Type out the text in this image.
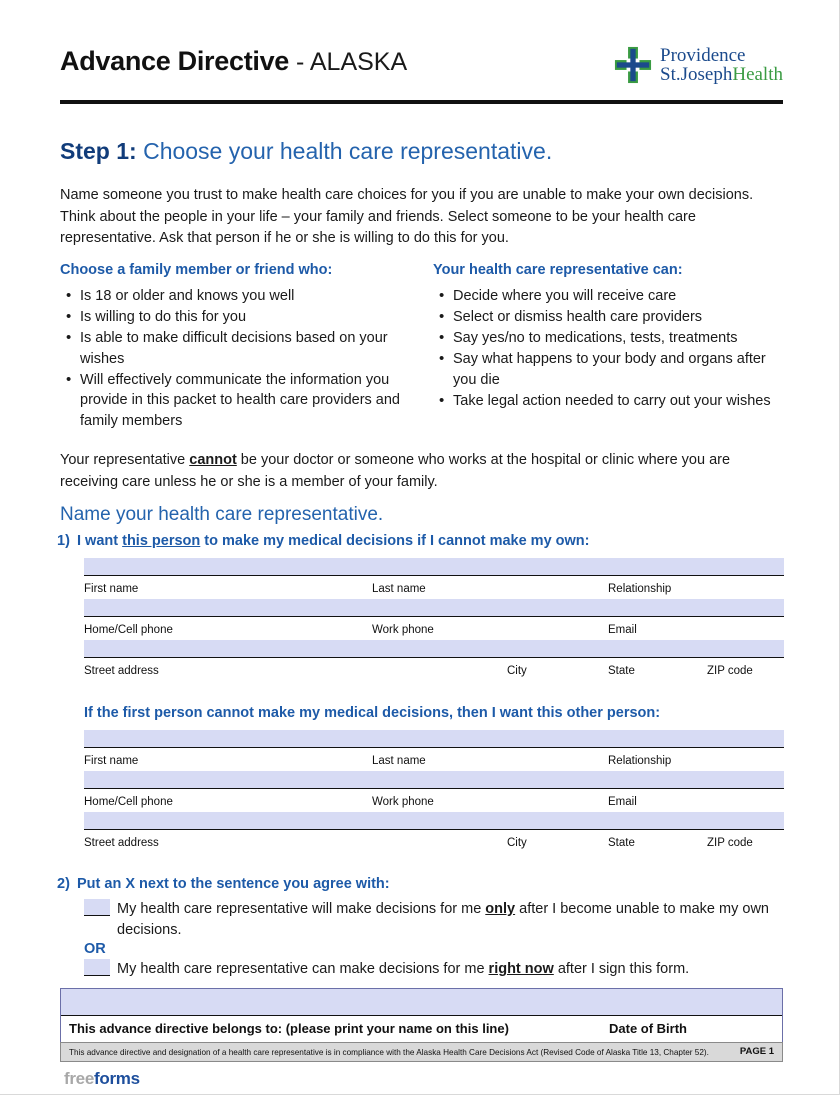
Advance Directive - ALASKA	Providence
St.JosephHealth
Step 1: Choose your health care representative.
Name someone you trust to make health care choices for you if you are unable to make your own decisions. Think about the people in your life – your family and friends. Select someone to be your health care representative. Ask that person if he or she is willing to do this for you.
Choose a family member or friend who:
• Is 18 or older and knows you well
• Is willing to do this for you
• Is able to make difficult decisions based on your wishes
• Will effectively communicate the information you provide in this packet to health care providers and family members
Your health care representative can:
• Decide where you will receive care
• Select or dismiss health care providers
• Say yes/no to medications, tests, treatments
• Say what happens to your body and organs after you die
• Take legal action needed to carry out your wishes
Your representative cannot be your doctor or someone who works at the hospital or clinic where you are receiving care unless he or she is a member of your family.
Name your health care representative.
1) I want this person to make my medical decisions if I cannot make my own:
First name	Last name	Relationship
Home/Cell phone	Work phone	Email
Street address	City	State	ZIP code
If the first person cannot make my medical decisions, then I want this other person:
First name	Last name	Relationship
Home/Cell phone	Work phone	Email
Street address	City	State	ZIP code
2) Put an X next to the sentence you agree with:
My health care representative will make decisions for me only after I become unable to make my own decisions.
OR
My health care representative can make decisions for me right now after I sign this form.
This advance directive belongs to: (please print your name on this line)	Date of Birth
This advance directive and designation of a health care representative is in compliance with the Alaska Health Care Decisions Act (Revised Code of Alaska Title 13, Chapter 52).	PAGE 1
freeforms
